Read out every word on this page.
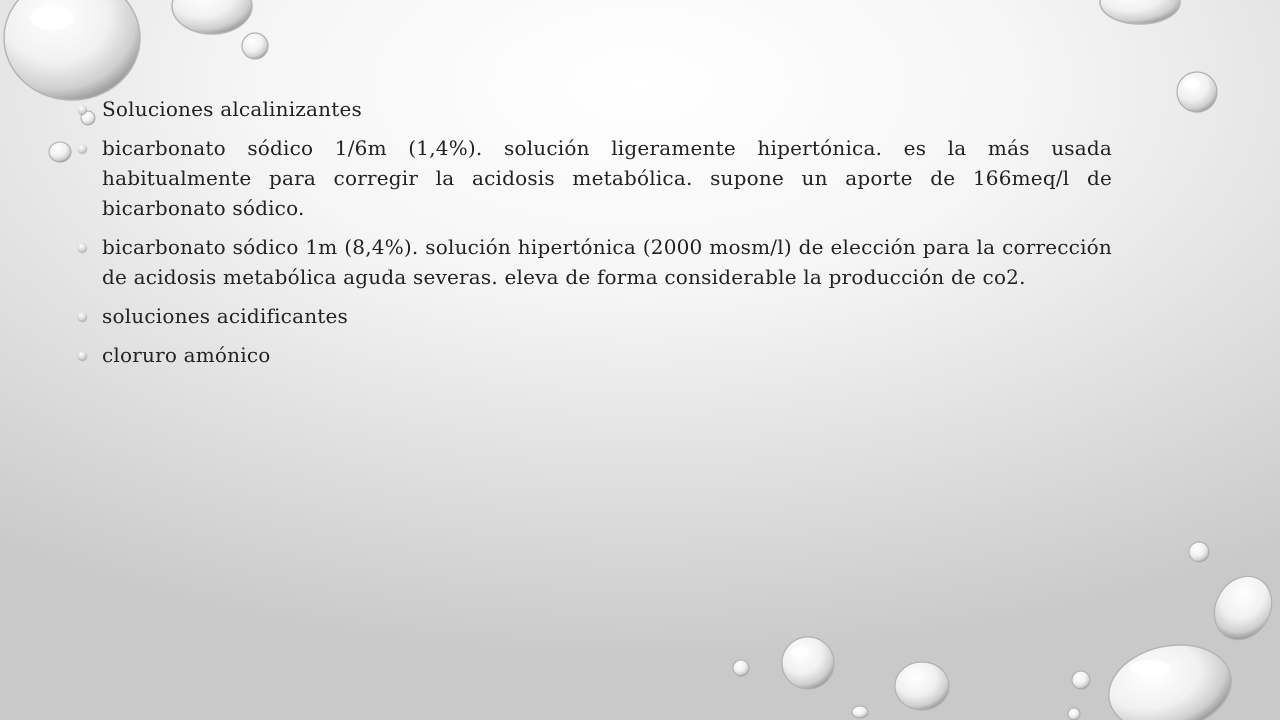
Soluciones alcalinizantes

bicarbonato sódico 1/6m (1,4%). solución ligeramente hipertónica. es la más usada habitualmente para corregir la acidosis metabólica. supone un aporte de 166meq/l de bicarbonato sódico.

bicarbonato sódico 1m (8,4%). solución hipertónica (2000 mosm/l) de elección para la corrección de acidosis metabólica aguda severas. eleva de forma considerable la producción de co2.

soluciones acidificantes

cloruro amónico
